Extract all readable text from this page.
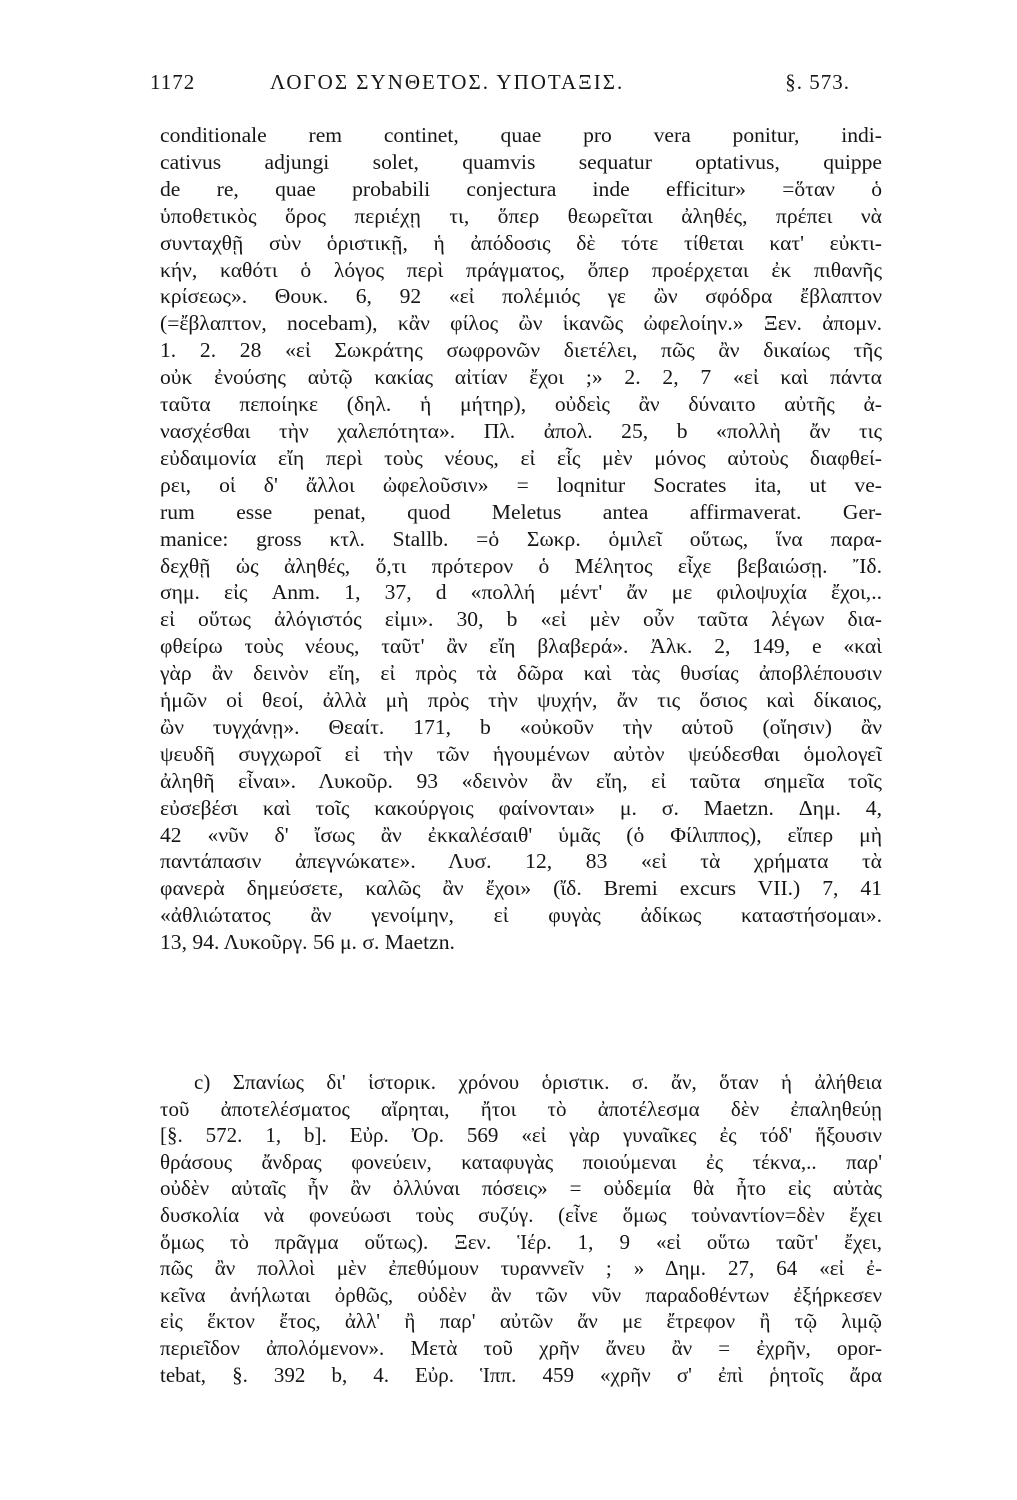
1172	ΛΟΓΟΣ ΣΥΝΘΕΤΟΣ. ΥΠΟΤΑΞΙΣ.	§. 573.

conditionale rem continet, quae pro vera ponitur, indi-

cativus adjungi solet, quamvis sequatur optativus, quippe

de re, quae probabili conjectura inde efficitur» =ὅταν ὁ

ὑποθετικὸς ὅρος περιέχῃ τι, ὅπερ θεωρεῖται ἀληθές, πρέπει νὰ

συνταχθῇ σὺν ὁριστικῇ, ἡ ἀπόδοσις δὲ τότε τίθεται κατ' εὐκτι-

κήν, καθότι ὁ λόγος περὶ πράγματος, ὅπερ προέρχεται ἐκ πιθανῆς

κρίσεως». Θουκ. 6, 92 «εἰ πολέμιός γε ὢν σφόδρα ἔβλαπτον

(=ἔβλαπτον, nocebam), κἂν φίλος ὢν ἱκανῶς ὠφελοίην.» Ξεν. ἀπομν.

1. 2. 28 «εἰ Σωκράτης σωφρονῶν διετέλει, πῶς ἂν δικαίως τῆς

οὐκ ἐνούσης αὐτῷ κακίας αἰτίαν ἔχοι ;» 2. 2, 7 «εἰ καὶ πάντα

ταῦτα πεποίηκε (δηλ. ἡ μήτηρ), οὐδεὶς ἂν δύναιτο αὐτῆς ἀ-

νασχέσθαι τὴν χαλεπότητα». Πλ. ἀπολ. 25, b «πολλὴ ἄν τις

εὐδαιμονία εἴη περὶ τοὺς νέους, εἰ εἷς μὲν μόνος αὐτοὺς διαφθεί-

ρει, οἱ δ' ἄλλοι ὠφελοῦσιν» = loqnitur Socrates ita, ut ve-

rum esse penat, quod Meletus antea affirmaverat. Ger-

manice: gross κτλ. Stallb. =ὁ Σωκρ. ὁμιλεῖ οὕτως, ἵνα παρα-

δεχθῇ ὡς ἀληθές, ὅ,τι πρότερον ὁ Μέλητος εἶχε βεβαιώσῃ. Ἴδ.

σημ. εἰς Anm. 1, 37, d «πολλή μέντ' ἄν με φιλοψυχία ἔχοι,..

εἰ οὕτως ἀλόγιστός εἰμι». 30, b «εἰ μὲν οὖν ταῦτα λέγων δια-

φθείρω τοὺς νέους, ταῦτ' ἂν εἴη βλαβερά». Ἀλκ. 2, 149, e «καὶ

γὰρ ἂν δεινὸν εἴη, εἰ πρὸς τὰ δῶρα καὶ τὰς θυσίας ἀποβλέπουσιν

ἡμῶν οἱ θεοί, ἀλλὰ μὴ πρὸς τὴν ψυχήν, ἄν τις ὅσιος καὶ δίκαιος,

ὢν τυγχάνῃ». Θεαίτ. 171, b «οὐκοῦν τὴν αὑτοῦ (οἴησιν) ἂν

ψευδῆ συγχωροῖ εἰ τὴν τῶν ἡγουμένων αὐτὸν ψεύδεσθαι ὁμολογεῖ

ἀληθῆ εἶναι». Λυκοῦρ. 93 «δεινὸν ἂν εἴη, εἰ ταῦτα σημεῖα τοῖς

εὐσεβέσι καὶ τοῖς κακούργοις φαίνονται» μ. σ. Maetzn. Δημ. 4,

42 «νῦν δ' ἴσως ἂν ἐκκαλέσαιθ' ὑμᾶς (ὁ Φίλιππος), εἴπερ μὴ

παντάπασιν ἀπεγνώκατε». Λυσ. 12, 83 «εἰ τὰ χρήματα τὰ

φανερὰ δημεύσετε, καλῶς ἂν ἔχοι» (ἴδ. Bremi excurs VII.) 7, 41

«ἀθλιώτατος ἂν γενοίμην, εἰ φυγὰς ἀδίκως καταστήσομαι».

13, 94. Λυκοῦργ. 56 μ. σ. Maetzn.

c) Σπανίως δι' ἱστορικ. χρόνου ὁριστικ. σ. ἄν, ὅταν ἡ ἀλήθεια

τοῦ ἀποτελέσματος αἴρηται, ἤτοι τὸ ἀποτέλεσμα δὲν ἐπαληθεύῃ

[§. 572. 1, b]. Εὐρ. Ὀρ. 569 «εἰ γὰρ γυναῖκες ἐς τόδ' ἥξουσιν

θράσους ἄνδρας φονεύειν, καταφυγὰς ποιούμεναι ἐς τέκνα,.. παρ'

οὐδὲν αὐταῖς ἦν ἂν ὀλλύναι πόσεις» = οὐδεμία θὰ ἦτο εἰς αὐτὰς

δυσκολία νὰ φονεύωσι τοὺς συζύγ. (εἶνε ὅμως τοὐναντίον=δὲν ἔχει

ὅμως τὸ πρᾶγμα οὕτως). Ξεν. Ἱέρ. 1, 9 «εἰ οὕτω ταῦτ' ἔχει,

πῶς ἂν πολλοὶ μὲν ἐπεθύμουν τυραννεῖν ; » Δημ. 27, 64 «εἰ ἐ-

κεῖνα ἀνήλωται ὀρθῶς, οὐδὲν ἂν τῶν νῦν παραδοθέντων ἐξήρκεσεν

εἰς ἕκτον ἔτος, ἀλλ' ἢ παρ' αὐτῶν ἄν με ἔτρεφον ἢ τῷ λιμῷ

περιεῖδον ἀπολόμενον». Μετὰ τοῦ χρῆν ἄνευ ἂν = ἐχρῆν, opor-

tebat, §. 392 b, 4. Εὐρ. Ἱππ. 459 «χρῆν σ' ἐπὶ ῥητοῖς ἄρα
